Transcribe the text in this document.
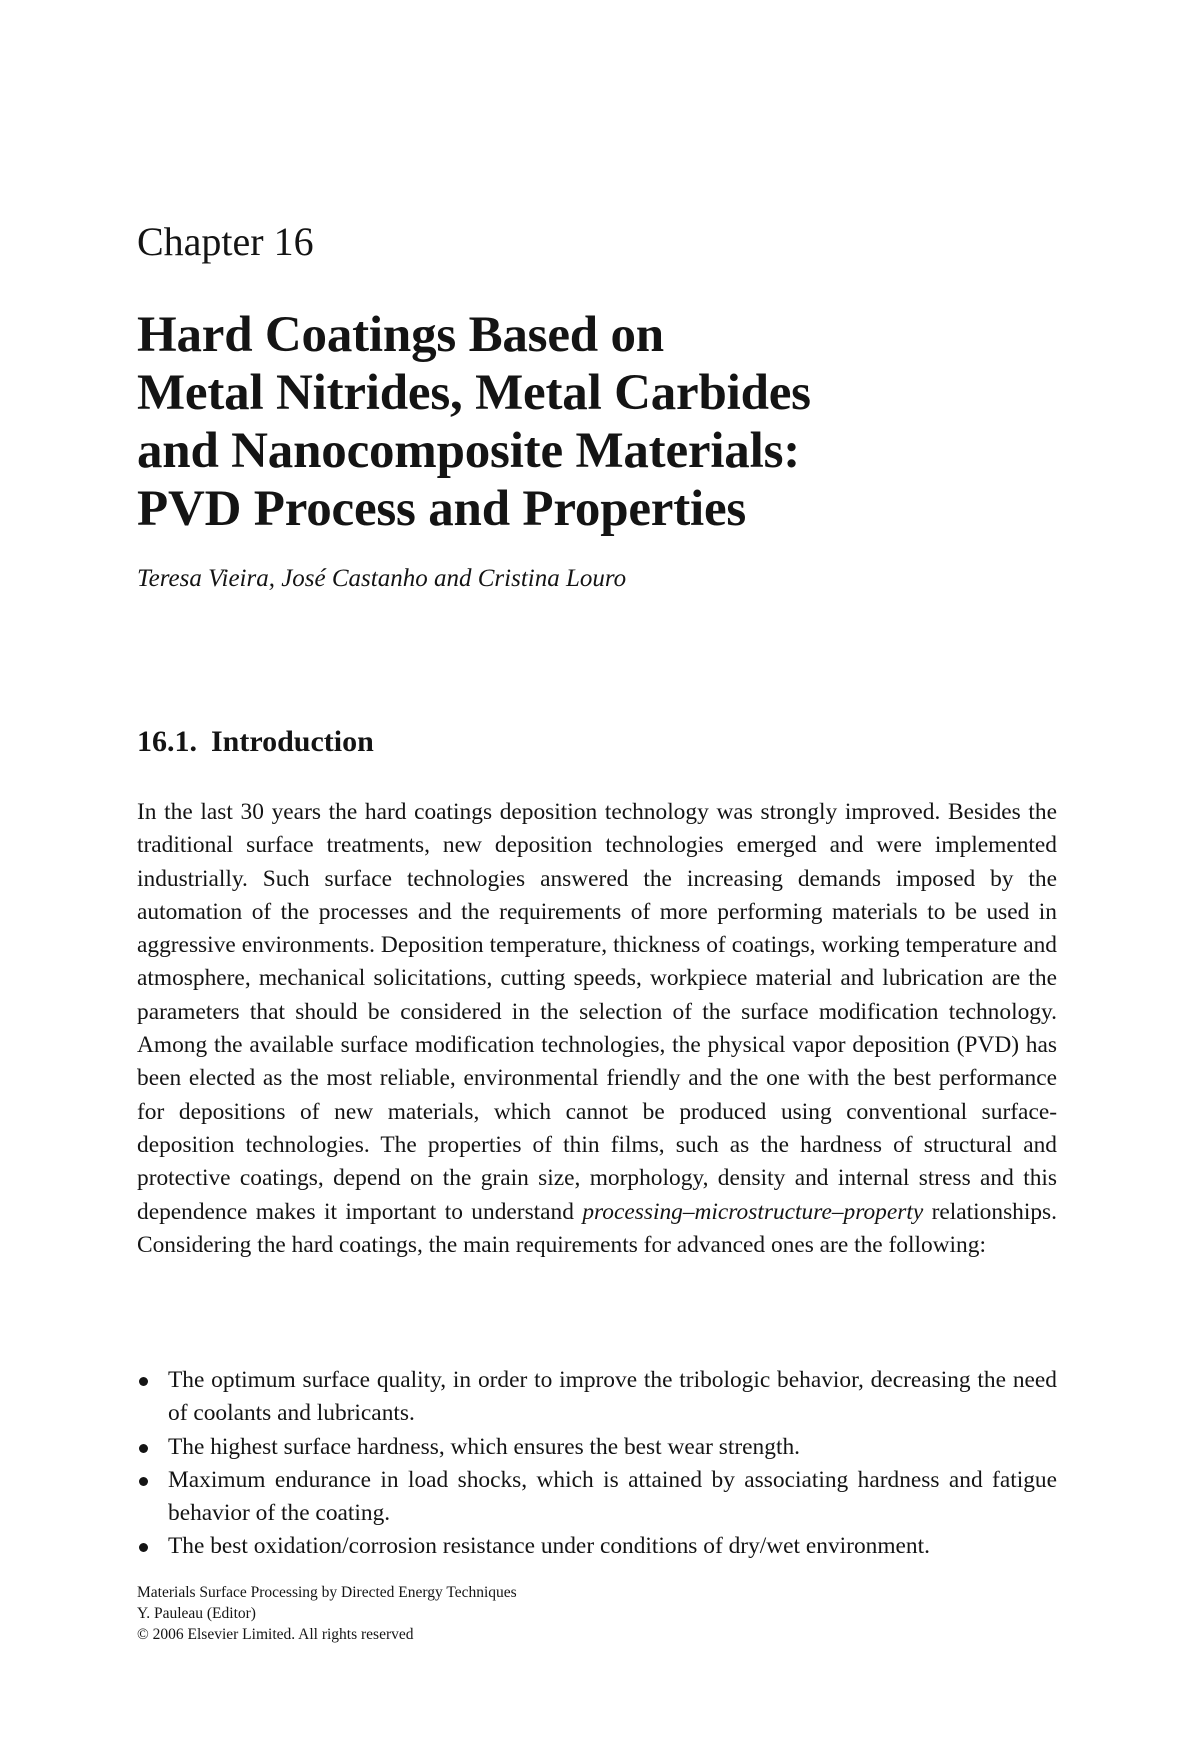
Chapter 16
Hard Coatings Based on
Metal Nitrides, Metal Carbides
and Nanocomposite Materials:
PVD Process and Properties

Teresa Vieira, José Castanho and Cristina Louro

16.1. Introduction

In the last 30 years the hard coatings deposition technology was strongly improved. Besides the traditional surface treatments, new deposition technologies emerged and were implemented industrially. Such surface technologies answered the increasing demands imposed by the automation of the processes and the requirements of more performing materials to be used in aggressive environments. Deposition temperature, thickness of coatings, working temperature and atmosphere, mechanical solicitations, cutting speeds, workpiece material and lubrication are the parameters that should be considered in the selection of the surface modification technology. Among the available surface modification technologies, the physical vapor deposition (PVD) has been elected as the most reliable, environmental friendly and the one with the best performance for depositions of new materials, which cannot be produced using conventional surface-deposition technologies. The properties of thin films, such as the hardness of structural and protective coatings, depend on the grain size, morphology, density and internal stress and this dependence makes it important to understand processing–microstructure–property relationships. Considering the hard coatings, the main requirements for advanced ones are the following:

The optimum surface quality, in order to improve the tribologic behavior, decreasing the need of coolants and lubricants.
The highest surface hardness, which ensures the best wear strength.
Maximum endurance in load shocks, which is attained by associating hardness and fatigue behavior of the coating.
The best oxidation/corrosion resistance under conditions of dry/wet environment.
Materials Surface Processing by Directed Energy Techniques
Y. Pauleau (Editor)
© 2006 Elsevier Limited. All rights reserved
